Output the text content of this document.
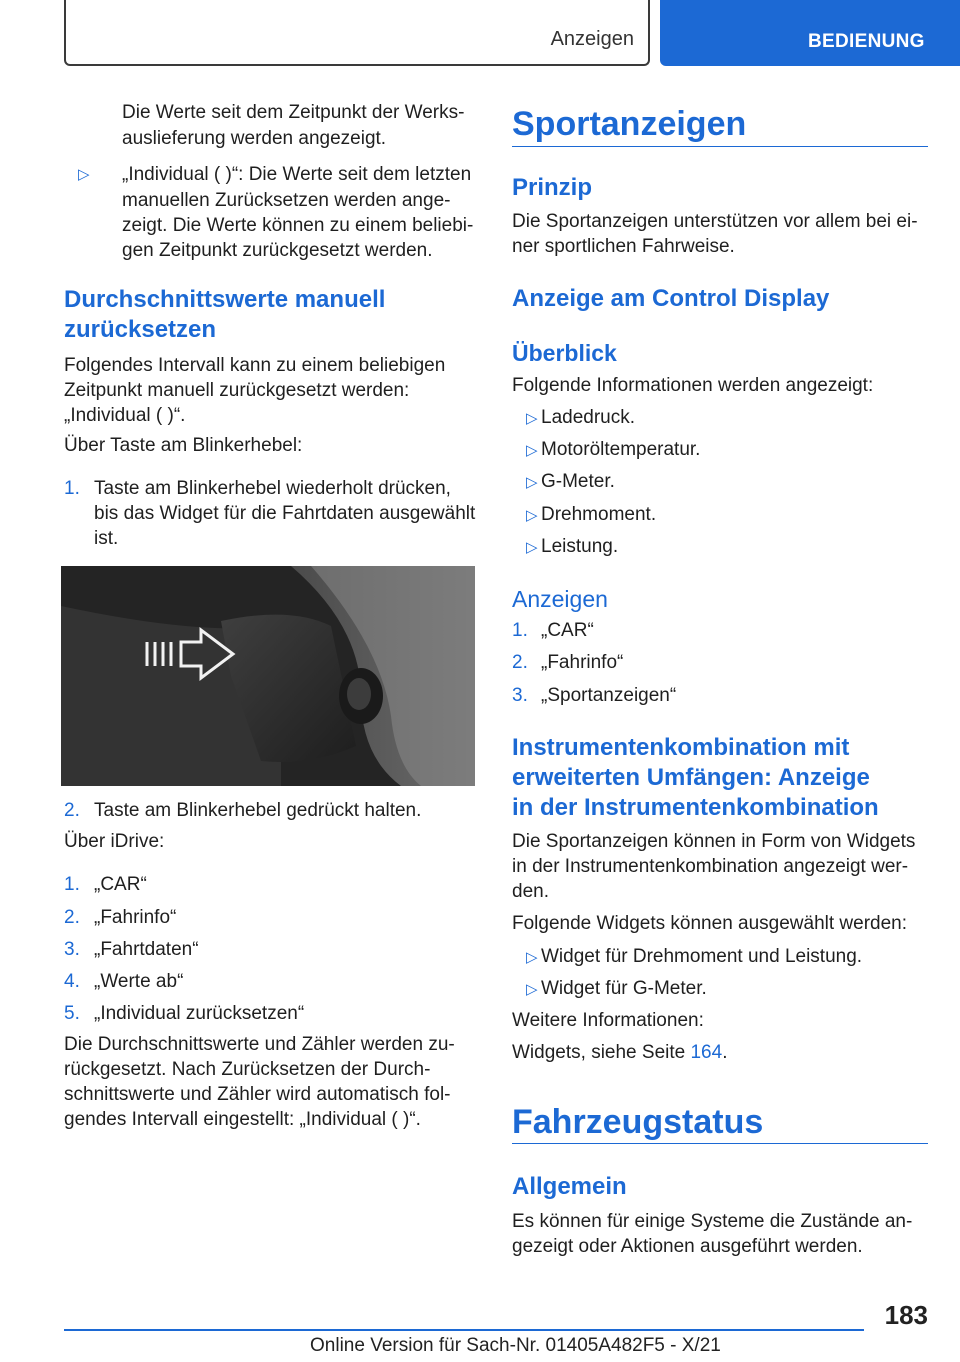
Anzeigen	BEDIENUNG
Die Werte seit dem Zeitpunkt der Werks-
auslieferung werden angezeigt.
▷ „Individual ( )“: Die Werte seit dem letzten
manuellen Zurücksetzen werden ange-
zeigt. Die Werte können zu einem beliebi-
gen Zeitpunkt zurückgesetzt werden.
Durchschnittswerte manuell
zurücksetzen
Folgendes Intervall kann zu einem beliebigen
Zeitpunkt manuell zurückgesetzt werden:
„Individual ( )“.
Über Taste am Blinkerhebel:
1. Taste am Blinkerhebel wiederholt drücken,
bis das Widget für die Fahrtdaten ausgewählt
ist.
2. Taste am Blinkerhebel gedrückt halten.
Über iDrive:
1. „CAR“
2. „Fahrinfo“
3. „Fahrtdaten“
4. „Werte ab“
5. „Individual zurücksetzen“
Die Durchschnittswerte und Zähler werden zu-
rückgesetzt. Nach Zurücksetzen der Durch-
schnittswerte und Zähler wird automatisch fol-
gendes Intervall eingestellt: „Individual ( )“.
Sportanzeigen
Prinzip
Die Sportanzeigen unterstützen vor allem bei ei-
ner sportlichen Fahrweise.
Anzeige am Control Display
Überblick
Folgende Informationen werden angezeigt:
▷ Ladedruck.
▷ Motoröltemperatur.
▷ G-Meter.
▷ Drehmoment.
▷ Leistung.
Anzeigen
1. „CAR“
2. „Fahrinfo“
3. „Sportanzeigen“
Instrumentenkombination mit
erweiterten Umfängen: Anzeige
in der Instrumentenkombination
Die Sportanzeigen können in Form von Widgets
in der Instrumentenkombination angezeigt wer-
den.
Folgende Widgets können ausgewählt werden:
▷ Widget für Drehmoment und Leistung.
▷ Widget für G-Meter.
Weitere Informationen:
Widgets, siehe Seite 164.
Fahrzeugstatus
Allgemein
Es können für einige Systeme die Zustände an-
gezeigt oder Aktionen ausgeführt werden.
183
Online Version für Sach-Nr. 01405A482F5 - X/21
